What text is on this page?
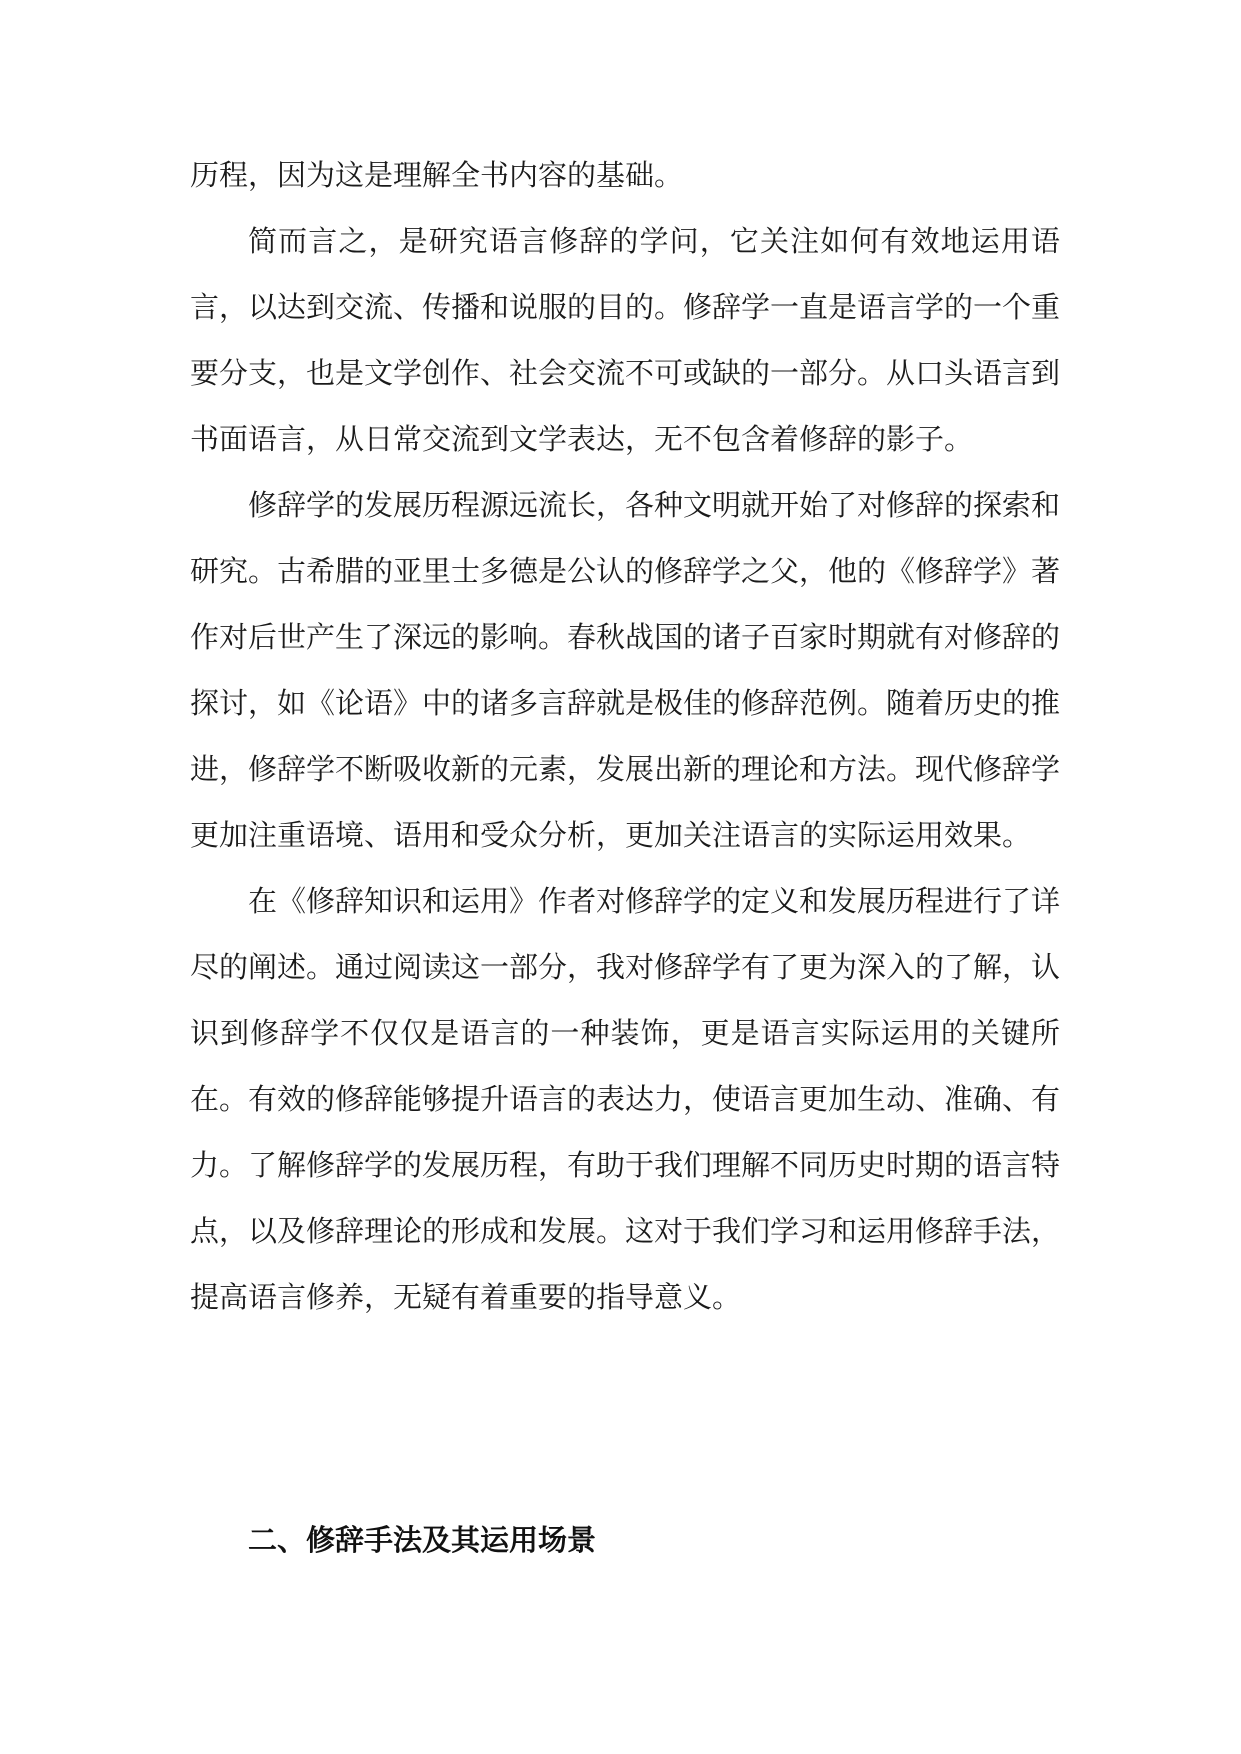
历程，因为这是理解全书内容的基础。

简而言之，是研究语言修辞的学问，它关注如何有效地运用语言，以达到交流、传播和说服的目的。修辞学一直是语言学的一个重要分支，也是文学创作、社会交流不可或缺的一部分。从口头语言到书面语言，从日常交流到文学表达，无不包含着修辞的影子。

修辞学的发展历程源远流长，各种文明就开始了对修辞的探索和研究。古希腊的亚里士多德是公认的修辞学之父，他的《修辞学》著作对后世产生了深远的影响。春秋战国的诸子百家时期就有对修辞的探讨，如《论语》中的诸多言辞就是极佳的修辞范例。随着历史的推进，修辞学不断吸收新的元素，发展出新的理论和方法。现代修辞学更加注重语境、语用和受众分析，更加关注语言的实际运用效果。

在《修辞知识和运用》作者对修辞学的定义和发展历程进行了详尽的阐述。通过阅读这一部分，我对修辞学有了更为深入的了解，认识到修辞学不仅仅是语言的一种装饰，更是语言实际运用的关键所在。有效的修辞能够提升语言的表达力，使语言更加生动、准确、有力。了解修辞学的发展历程，有助于我们理解不同历史时期的语言特点，以及修辞理论的形成和发展。这对于我们学习和运用修辞手法，提高语言修养，无疑有着重要的指导意义。

二、修辞手法及其运用场景
